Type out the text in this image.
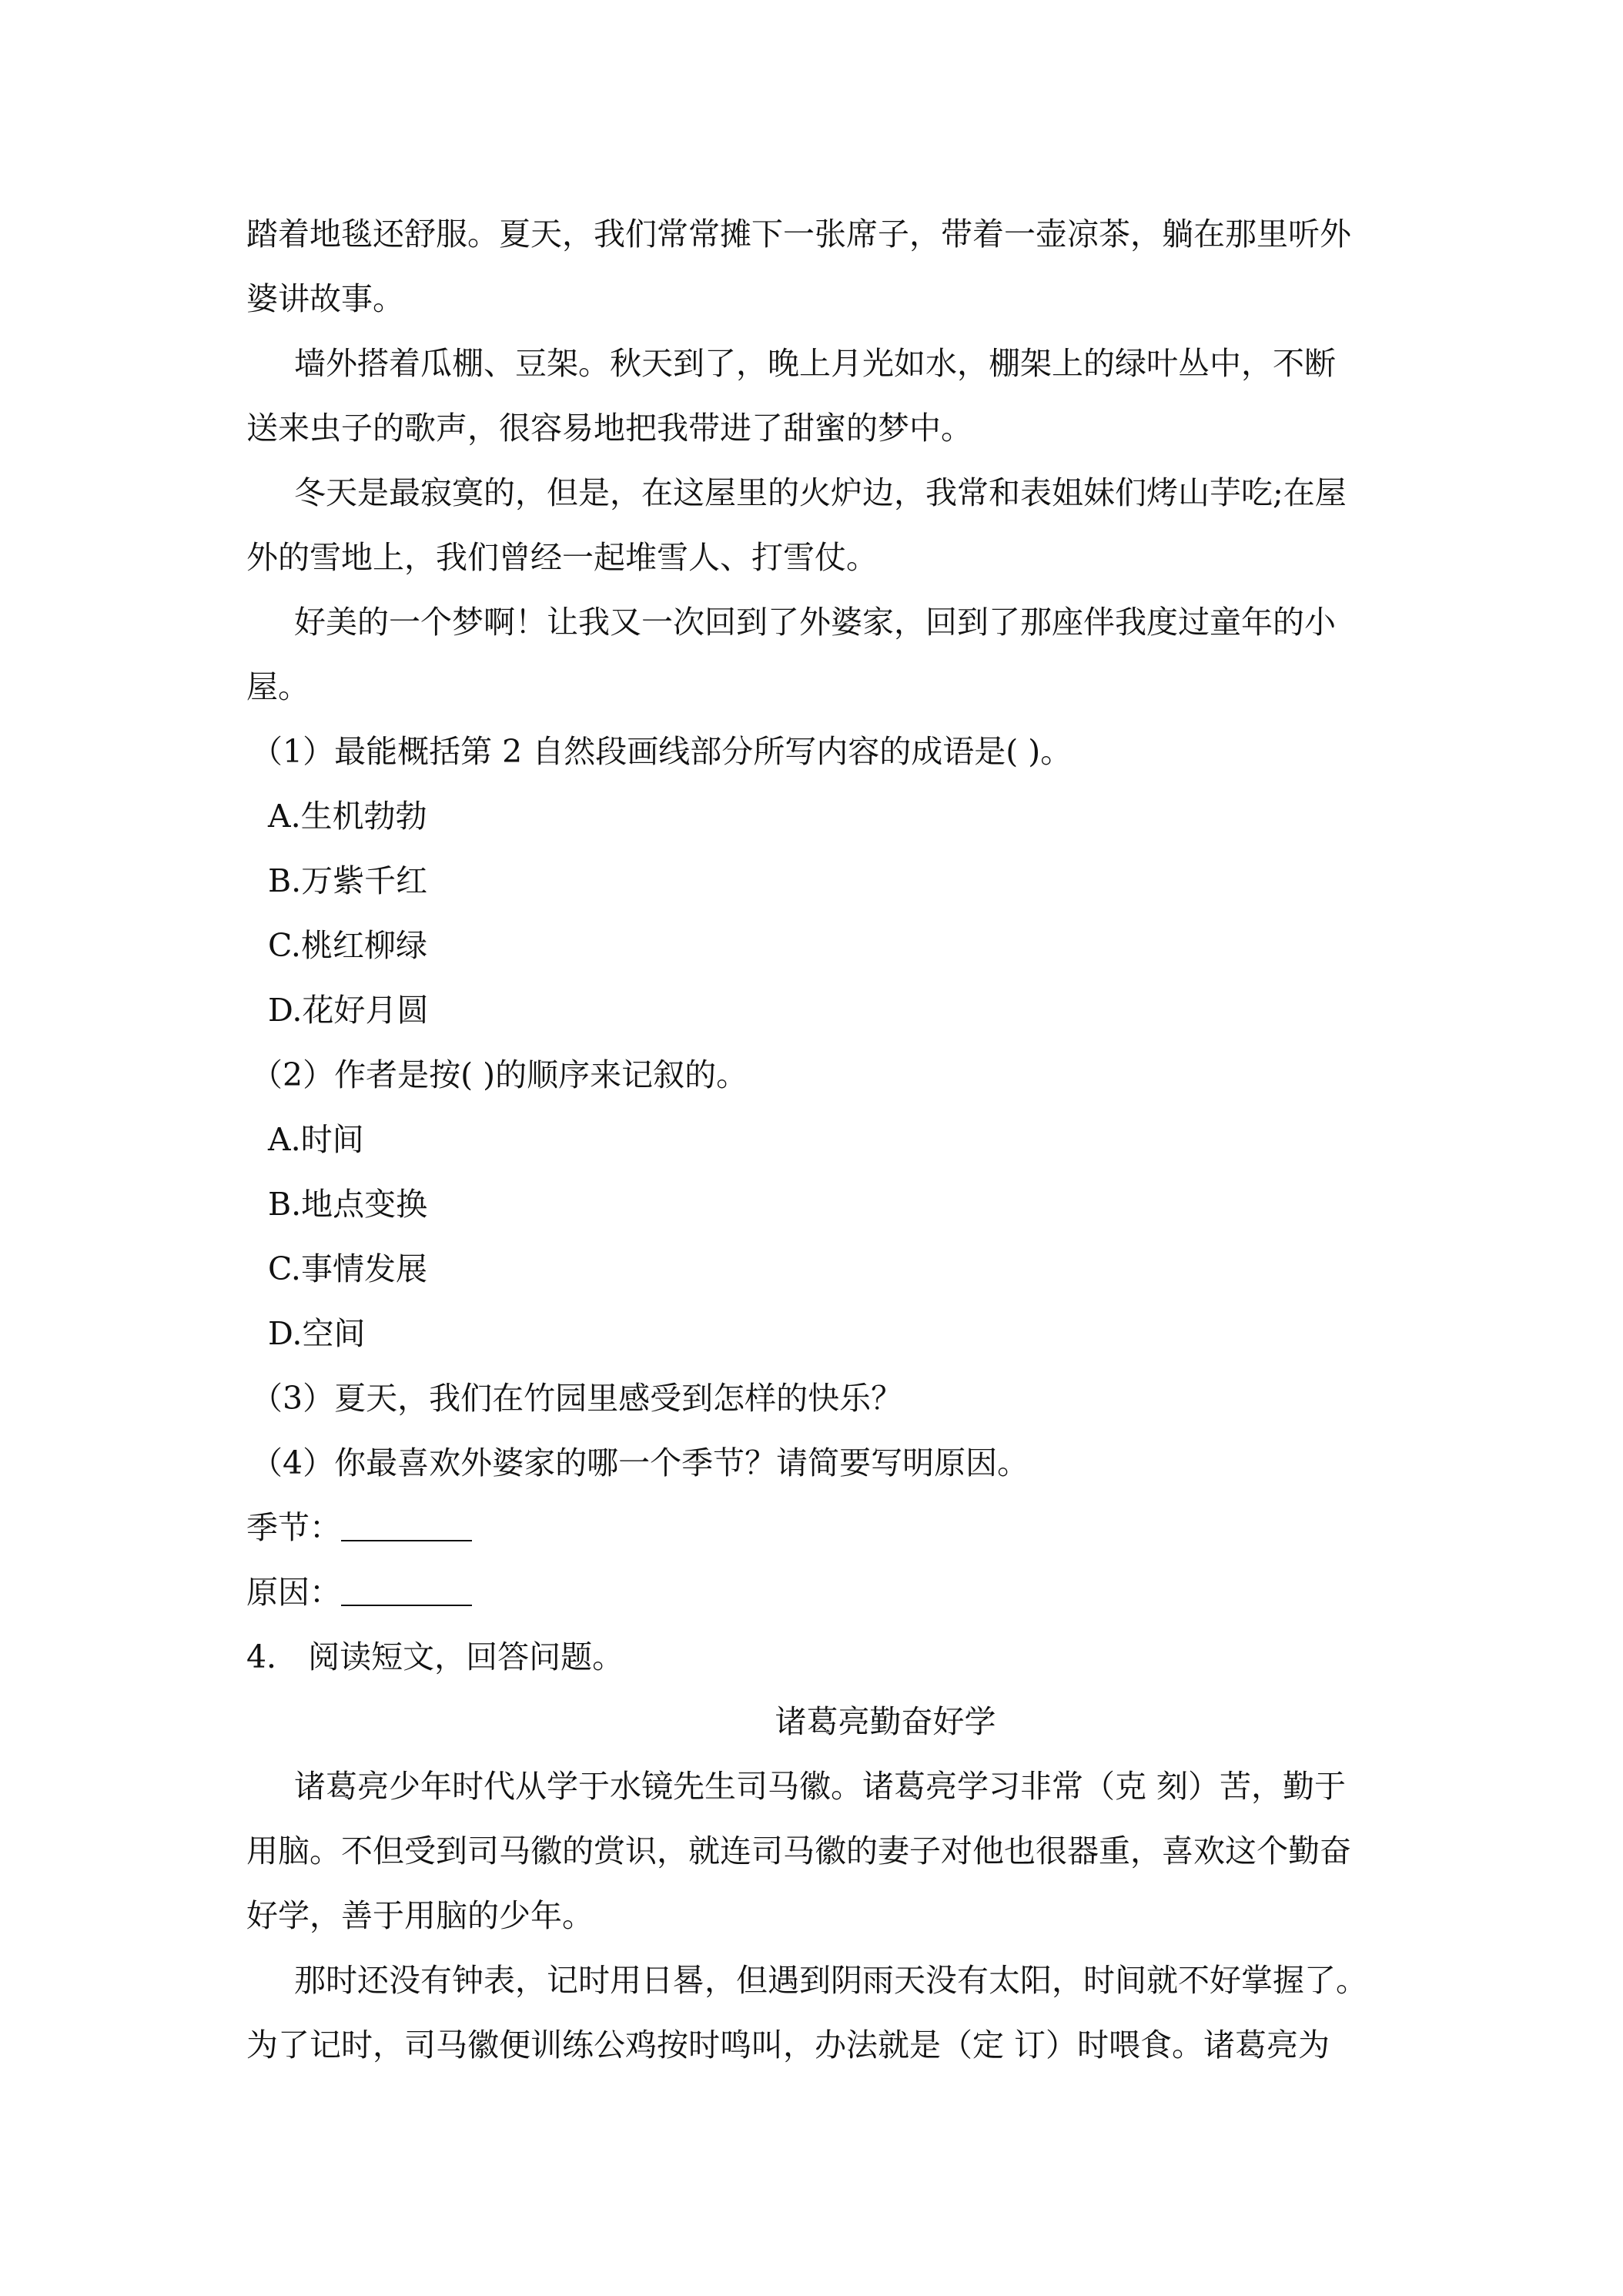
踏着地毯还舒服。夏天，我们常常摊下一张席子，带着一壶凉茶，躺在那里听外

婆讲故事。

墙外搭着瓜棚、豆架。秋天到了，晚上月光如水，棚架上的绿叶丛中，不断

送来虫子的歌声，很容易地把我带进了甜蜜的梦中。

冬天是最寂寞的，但是，在这屋里的火炉边，我常和表姐妹们烤山芋吃;在屋

外的雪地上，我们曾经一起堆雪人、打雪仗。

好美的一个梦啊！让我又一次回到了外婆家，回到了那座伴我度过童年的小

屋。

（1）最能概括第 2 自然段画线部分所写内容的成语是( )。

A.生机勃勃

B.万紫千红

C.桃红柳绿

D.花好月圆

（2）作者是按( )的顺序来记叙的。

A.时间

B.地点变换

C.事情发展

D.空间

（3）夏天，我们在竹园里感受到怎样的快乐？

（4）你最喜欢外婆家的哪一个季节？请简要写明原因。

季节：

原因：

4． 阅读短文，回答问题。

诸葛亮勤奋好学

诸葛亮少年时代从学于水镜先生司马徽。诸葛亮学习非常（克 刻）苦，勤于

用脑。不但受到司马徽的赏识，就连司马徽的妻子对他也很器重，喜欢这个勤奋

好学，善于用脑的少年。

那时还没有钟表，记时用日晷，但遇到阴雨天没有太阳，时间就不好掌握了。

为了记时，司马徽便训练公鸡按时鸣叫，办法就是（定 订）时喂食。诸葛亮为
